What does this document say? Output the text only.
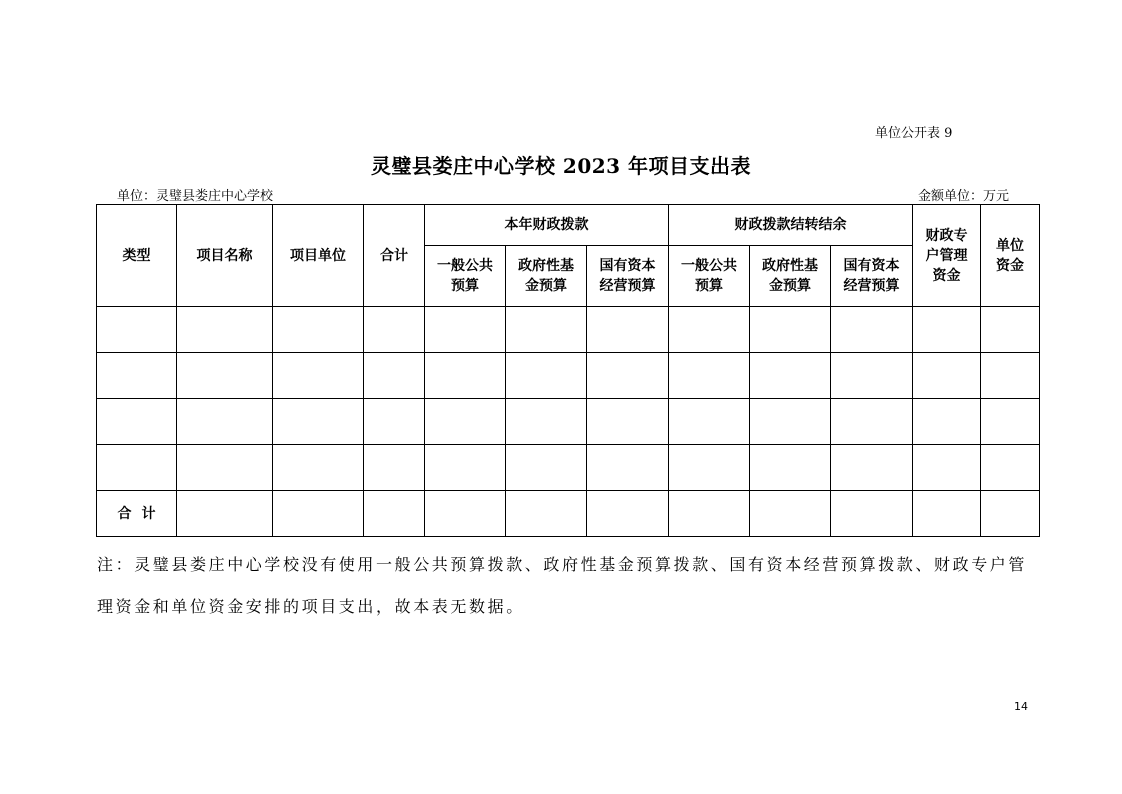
单位公开表 9
灵璧县娄庄中心学校 2023 年项目支出表
单位：灵璧县娄庄中心学校	金额单位：万元
类型	项目名称	项目单位	合计	本年财政拨款			财政拨款结转结余			财政专户管理资金	单位资金
				一般公共预算	政府性基金预算	国有资本经营预算	一般公共预算	政府性基金预算	国有资本经营预算		

合计											
注：灵璧县娄庄中心学校没有使用一般公共预算拨款、政府性基金预算拨款、国有资本经营预算拨款、财政专户管理资金和单位资金安排的项目支出，故本表无数据。
14
